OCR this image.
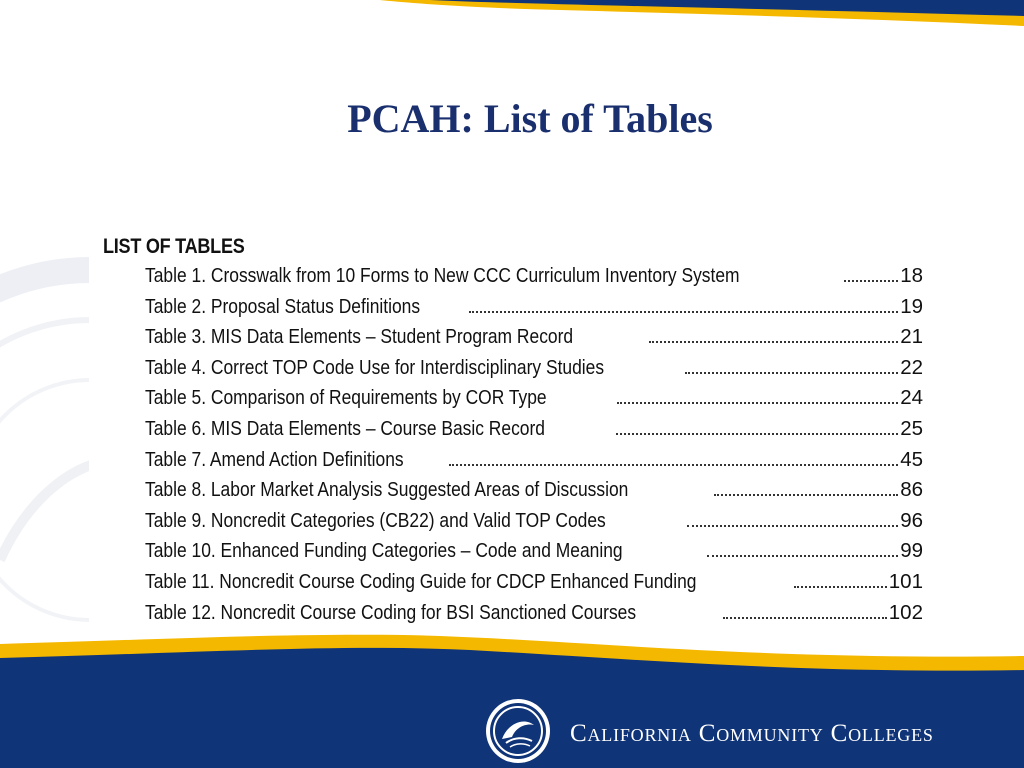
PCAH: List of Tables
LIST OF TABLES
Table 1. Crosswalk from 10 Forms to New CCC Curriculum Inventory System	18
Table 2. Proposal Status Definitions	19
Table 3. MIS Data Elements – Student Program Record	21
Table 4. Correct TOP Code Use for Interdisciplinary Studies	22
Table 5. Comparison of Requirements by COR Type	24
Table 6. MIS Data Elements – Course Basic Record	25
Table 7. Amend Action Definitions	45
Table 8. Labor Market Analysis Suggested Areas of Discussion	86
Table 9. Noncredit Categories (CB22) and Valid TOP Codes	96
Table 10. Enhanced Funding Categories – Code and Meaning	99
Table 11. Noncredit Course Coding Guide for CDCP Enhanced Funding	101
Table 12. Noncredit Course Coding for BSI Sanctioned Courses	102

California Community Colleges
